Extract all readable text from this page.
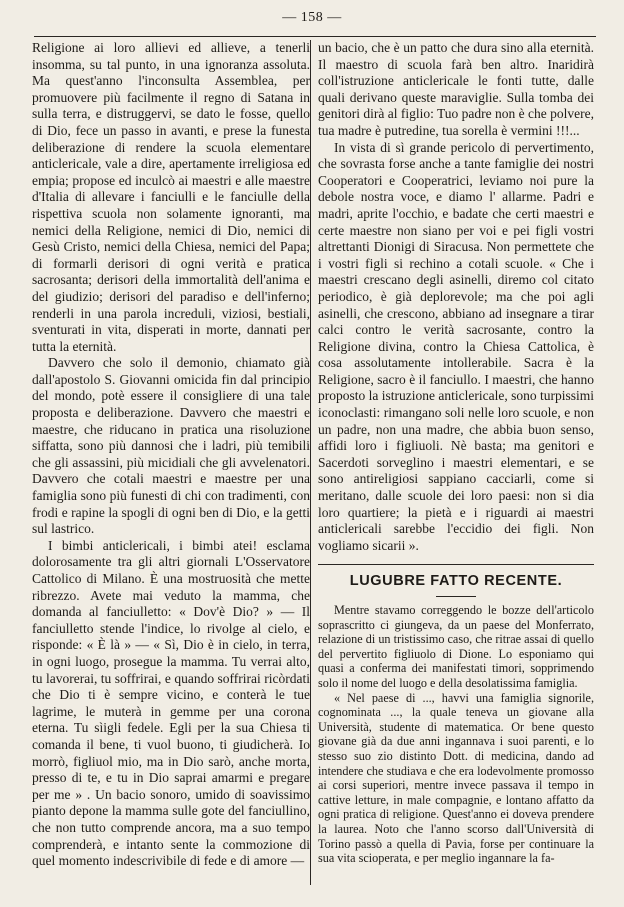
— 158 —

Religione ai loro allievi ed allieve, a tenerli insomma, su tal punto, in una ignoranza assoluta. Ma quest'anno l'inconsulta Assemblea, per promuovere più facilmente il regno di Satana in sulla terra, e distruggervi, se dato le fosse, quello di Dio, fece un passo in avanti, e prese la funesta deliberazione di rendere la scuola elementare anticlericale, vale a dire, apertamente irreligiosa ed empia; propose ed inculcò ai maestri e alle maestre d'Italia di allevare i fanciulli e le fanciulle della rispettiva scuola non solamente ignoranti, ma nemici della Religione, nemici di Dio, nemici di Gesù Cristo, nemici della Chiesa, nemici del Papa; di formarli derisori di ogni verità e pratica sacrosanta; derisori della immortalità dell'anima e del giudizio; derisori del paradiso e dell'inferno; renderli in una parola increduli, viziosi, bestiali, sventurati in vita, disperati in morte, dannati per tutta la eternità.

Davvero che solo il demonio, chiamato già dall'apostolo S. Giovanni omicida fin dal principio del mondo, potè essere il consigliere di una tale proposta e deliberazione. Davvero che maestri e maestre, che riducano in pratica una risoluzione siffatta, sono più dannosi che i ladri, più temibili che gli assassini, più micidiali che gli avvelenatori. Davvero che cotali maestri e maestre per una famiglia sono più funesti di chi con tradimenti, con frodi e rapine la spogli di ogni ben di Dio, e la getti sul lastrico.

I bimbi anticlericali, i bimbi atei! esclama dolorosamente tra gli altri giornali L'Osservatore Cattolico di Milano. È una mostruosità che mette ribrezzo. Avete mai veduto la mamma, che domanda al fanciulletto: « Dov'è Dio? » — Il fanciulletto stende l'indice, lo rivolge al cielo, e risponde: « È là » — « Sì, Dio è in cielo, in terra, in ogni luogo, prosegue la mamma. Tu verrai alto, tu lavorerai, tu soffrirai, e quando soffrirai ricòrdati che Dio ti è sempre vicino, e conterà le tue lagrime, le muterà in gemme per una corona eterna. Tu sìigli fedele. Egli per la sua Chiesa ti comanda il bene, ti vuol buono, ti giudicherà. Io morrò, figliuol mio, ma in Dio sarò, anche morta, presso di te, e tu in Dio saprai amarmi e pregare per me » . Un bacio sonoro, umido di soavissimo pianto depone la mamma sulle gote del fanciullino, che non tutto comprende ancora, ma a suo tempo comprenderà, e intanto sente la commozione di quel momento indescrivibile di fede e di amore —

un bacio, che è un patto che dura sino alla eternità. Il maestro di scuola farà ben altro. Inaridirà coll'istruzione anticlericale le fonti tutte, dalle quali derivano queste maraviglie. Sulla tomba dei genitori dirà al figlio: Tuo padre non è che polvere, tua madre è putredine, tua sorella è vermini !!!...

In vista di sì grande pericolo di pervertimento, che sovrasta forse anche a tante famiglie dei nostri Cooperatori e Cooperatrici, leviamo noi pure la debole nostra voce, e diamo l' allarme. Padri e madri, aprite l'occhio, e badate che certi maestri e certe maestre non siano per voi e pei figli vostri altrettanti Dionigi di Siracusa. Non permettete che i vostri figli si rechino a cotali scuole. « Che i maestri crescano degli asinelli, diremo col citato periodico, è già deplorevole; ma che poi agli asinelli, che crescono, abbiano ad insegnare a tirar calci contro le verità sacrosante, contro la Religione divina, contro la Chiesa Cattolica, è cosa assolutamente intollerabile. Sacra è la Religione, sacro è il fanciullo. I maestri, che hanno proposto la istruzione anticlericale, sono turpissimi iconoclasti: rimangano soli nelle loro scuole, e non un padre, non una madre, che abbia buon senso, affidi loro i figliuoli. Nè basta; ma genitori e Sacerdoti sorveglino i maestri elementari, e se sono antireligiosi sappiano cacciarli, come si meritano, dalle scuole dei loro paesi: non si dia loro quartiere; la pietà e i riguardi ai maestri anticlericali sarebbe l'eccidio dei figli. Non vogliamo sicarii ».

LUGUBRE FATTO RECENTE.

Mentre stavamo correggendo le bozze dell'articolo soprascritto ci giungeva, da un paese del Monferrato, relazione di un tristissimo caso, che ritrae assai di quello del pervertito figliuolo di Dione. Lo esponiamo qui quasi a conferma dei manifestati timori, sopprimendo solo il nome del luogo e della desolatissima famiglia.

« Nel paese di ..., havvi una famiglia signorile, cognominata ..., la quale teneva un giovane alla Università, studente di matematica. Or bene questo giovane già da due anni ingannava i suoi parenti, e lo stesso suo zio distinto Dott. di medicina, dando ad intendere che studiava e che era lodevolmente promosso ai corsi superiori, mentre invece passava il tempo in cattive letture, in male compagnie, e lontano affatto da ogni pratica di religione. Quest'anno ei doveva prendere la laurea. Noto che l'anno scorso dall'Università di Torino passò a quella di Pavia, forse per continuare la sua vita scioperata, e per meglio ingannare la fa-
